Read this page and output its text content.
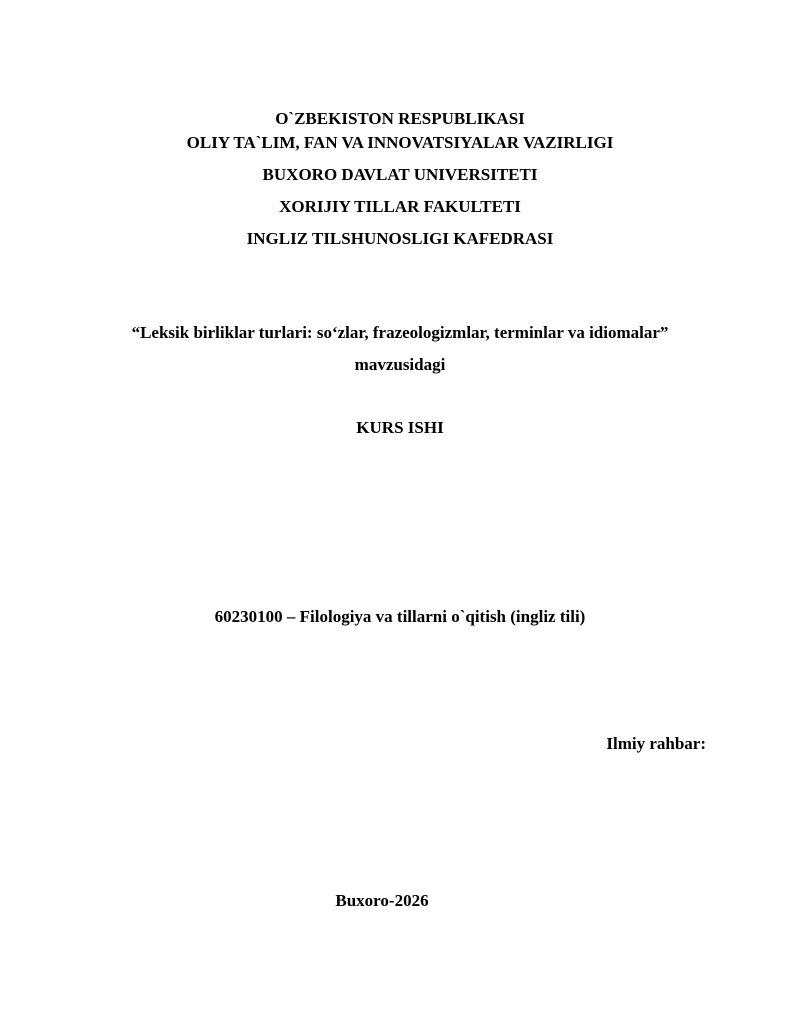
O`ZBEKISTON RESPUBLIKASI
OLIY TA`LIM, FAN VA INNOVATSIYALAR VAZIRLIGI
BUXORO DAVLAT UNIVERSITETI
XORIJIY TILLAR FAKULTETI
INGLIZ TILSHUNOSLIGI KAFEDRASI
“Leksik birliklar turlari: so‘zlar, frazeologizmlar, terminlar va idiomalar”
mavzusidagi
KURS ISHI
60230100 – Filologiya va tillarni o`qitish (ingliz tili)
Ilmiy rahbar:
Buxoro-2026
